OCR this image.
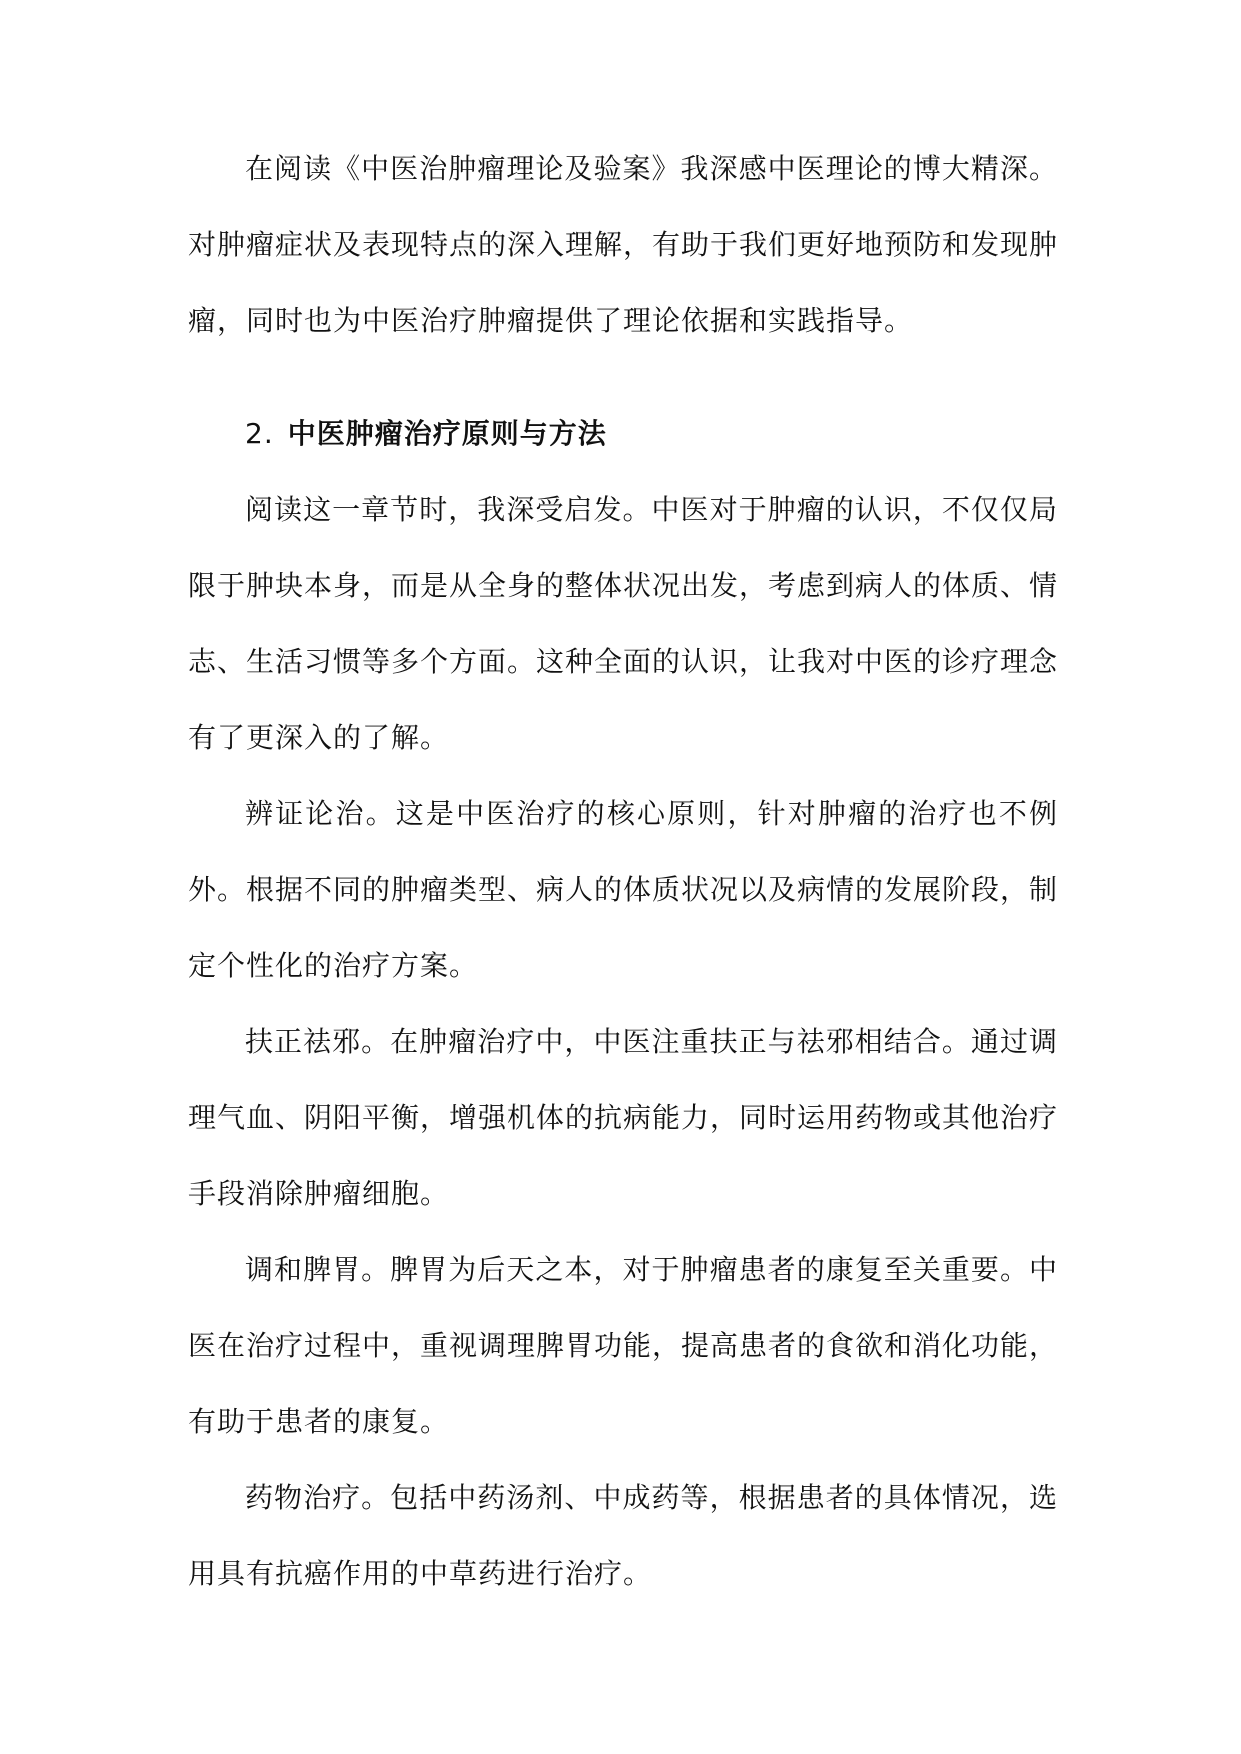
在阅读《中医治肿瘤理论及验案》我深感中医理论的博大精深。对肿瘤症状及表现特点的深入理解，有助于我们更好地预防和发现肿瘤，同时也为中医治疗肿瘤提供了理论依据和实践指导。

2. 中医肿瘤治疗原则与方法

阅读这一章节时，我深受启发。中医对于肿瘤的认识，不仅仅局限于肿块本身，而是从全身的整体状况出发，考虑到病人的体质、情志、生活习惯等多个方面。这种全面的认识，让我对中医的诊疗理念有了更深入的了解。

辨证论治。这是中医治疗的核心原则，针对肿瘤的治疗也不例外。根据不同的肿瘤类型、病人的体质状况以及病情的发展阶段，制定个性化的治疗方案。

扶正祛邪。在肿瘤治疗中，中医注重扶正与祛邪相结合。通过调理气血、阴阳平衡，增强机体的抗病能力，同时运用药物或其他治疗手段消除肿瘤细胞。

调和脾胃。脾胃为后天之本，对于肿瘤患者的康复至关重要。中医在治疗过程中，重视调理脾胃功能，提高患者的食欲和消化功能，有助于患者的康复。

药物治疗。包括中药汤剂、中成药等，根据患者的具体情况，选用具有抗癌作用的中草药进行治疗。
